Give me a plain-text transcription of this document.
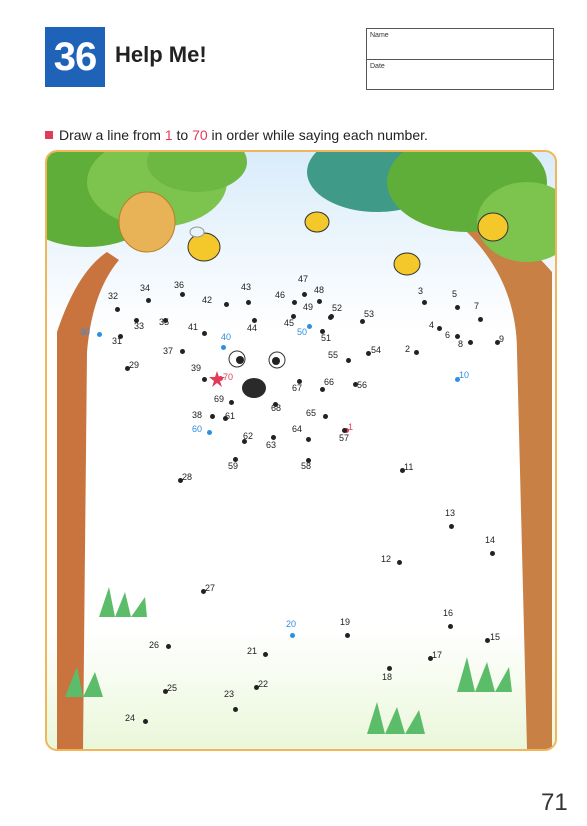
36 Help Me!
Name
Date
Draw a line from 1 to 70 in order while saying each number.
1
2
3
4
5
6
7
8	9
10
11
12
13
14
15
16
17
18
19
20
21
22
23
24
25
26
27
28
29
30
31
32
33
34
35
36
37
38
39
40
41
42
43
44	45
46
47
48
49
50
51
52
53
54
55
56
57
58
59
60
61
62
63
64
65
66
67
68
69
70
71
